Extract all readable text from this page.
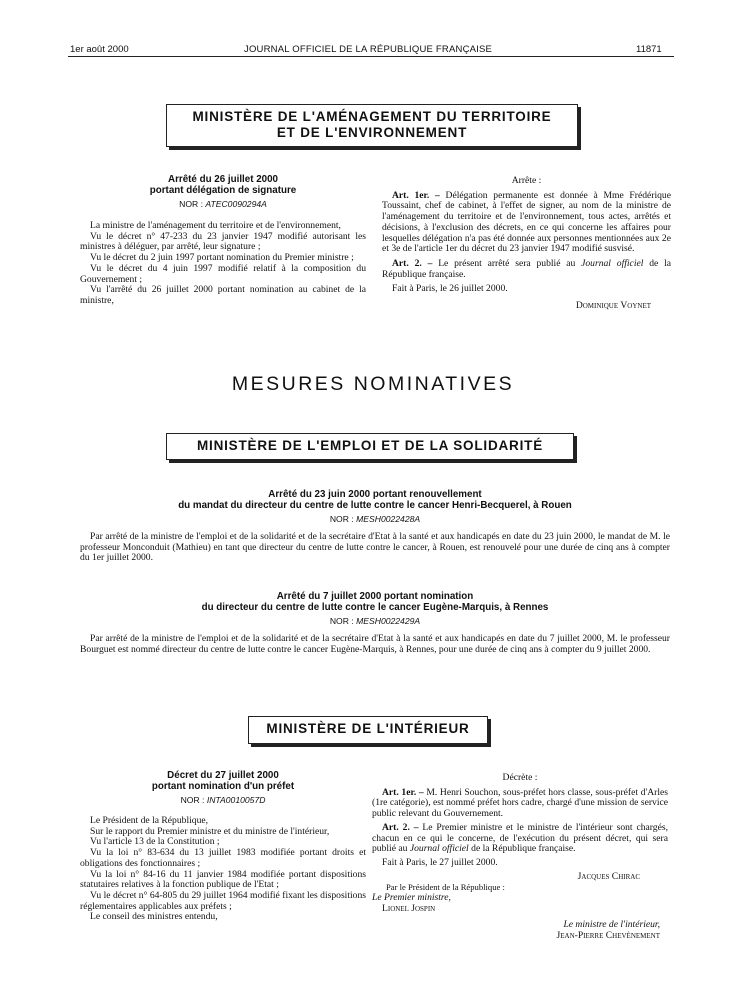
1er août 2000	JOURNAL OFFICIEL DE LA RÉPUBLIQUE FRANÇAISE	11871
MINISTÈRE DE L'AMÉNAGEMENT DU TERRITOIRE
ET DE L'ENVIRONNEMENT
Arrêté du 26 juillet 2000
portant délégation de signature
NOR : ATEC0090294A

La ministre de l'aménagement du territoire et de l'environnement,

Vu le décret n° 47-233 du 23 janvier 1947 modifié autorisant les ministres à déléguer, par arrêté, leur signature ;

Vu le décret du 2 juin 1997 portant nomination du Premier ministre ;

Vu le décret du 4 juin 1997 modifié relatif à la composition du Gouvernement ;

Vu l'arrêté du 26 juillet 2000 portant nomination au cabinet de la ministre,

Arrête :

Art. 1er. – Délégation permanente est donnée à Mme Frédérique Toussaint, chef de cabinet, à l'effet de signer, au nom de la ministre de l'aménagement du territoire et de l'environnement, tous actes, arrêtés et décisions, à l'exclusion des décrets, en ce qui concerne les affaires pour lesquelles délégation n'a pas été donnée aux personnes mentionnées aux 2e et 3e de l'article 1er du décret du 23 janvier 1947 modifié susvisé.

Art. 2. – Le présent arrêté sera publié au Journal officiel de la République française.

Fait à Paris, le 26 juillet 2000.

Dominique Voynet

MESURES NOMINATIVES
MINISTÈRE DE L'EMPLOI ET DE LA SOLIDARITÉ
Arrêté du 23 juin 2000 portant renouvellement
du mandat du directeur du centre de lutte contre le cancer Henri-Becquerel, à Rouen
NOR : MESH0022428A

Par arrêté de la ministre de l'emploi et de la solidarité et de la secrétaire d'Etat à la santé et aux handicapés en date du 23 juin 2000, le mandat de M. le professeur Monconduit (Mathieu) en tant que directeur du centre de lutte contre le cancer, à Rouen, est renouvelé pour une durée de cinq ans à compter du 1er juillet 2000.

Arrêté du 7 juillet 2000 portant nomination
du directeur du centre de lutte contre le cancer Eugène-Marquis, à Rennes
NOR : MESH0022429A

Par arrêté de la ministre de l'emploi et de la solidarité et de la secrétaire d'Etat à la santé et aux handicapés en date du 7 juillet 2000, M. le professeur Bourguet est nommé directeur du centre de lutte contre le cancer Eugène-Marquis, à Rennes, pour une durée de cinq ans à compter du 9 juillet 2000.

MINISTÈRE DE L'INTÉRIEUR
Décret du 27 juillet 2000
portant nomination d'un préfet
NOR : INTA0010057D

Le Président de la République,

Sur le rapport du Premier ministre et du ministre de l'intérieur,

Vu l'article 13 de la Constitution ;

Vu la loi n° 83-634 du 13 juillet 1983 modifiée portant droits et obligations des fonctionnaires ;

Vu la loi n° 84-16 du 11 janvier 1984 modifiée portant dispositions statutaires relatives à la fonction publique de l'Etat ;

Vu le décret n° 64-805 du 29 juillet 1964 modifié fixant les dispositions réglementaires applicables aux préfets ;

Le conseil des ministres entendu,

Décrète :

Art. 1er. – M. Henri Souchon, sous-préfet hors classe, sous-préfet d'Arles (1re catégorie), est nommé préfet hors cadre, chargé d'une mission de service public relevant du Gouvernement.

Art. 2. – Le Premier ministre et le ministre de l'intérieur sont chargés, chacun en ce qui le concerne, de l'exécution du présent décret, qui sera publié au Journal officiel de la République française.

Fait à Paris, le 27 juillet 2000.

Jacques Chirac

Par le Président de la République :

Le Premier ministre,

Lionel Jospin

Le ministre de l'intérieur,

Jean-Pierre Chevènement
